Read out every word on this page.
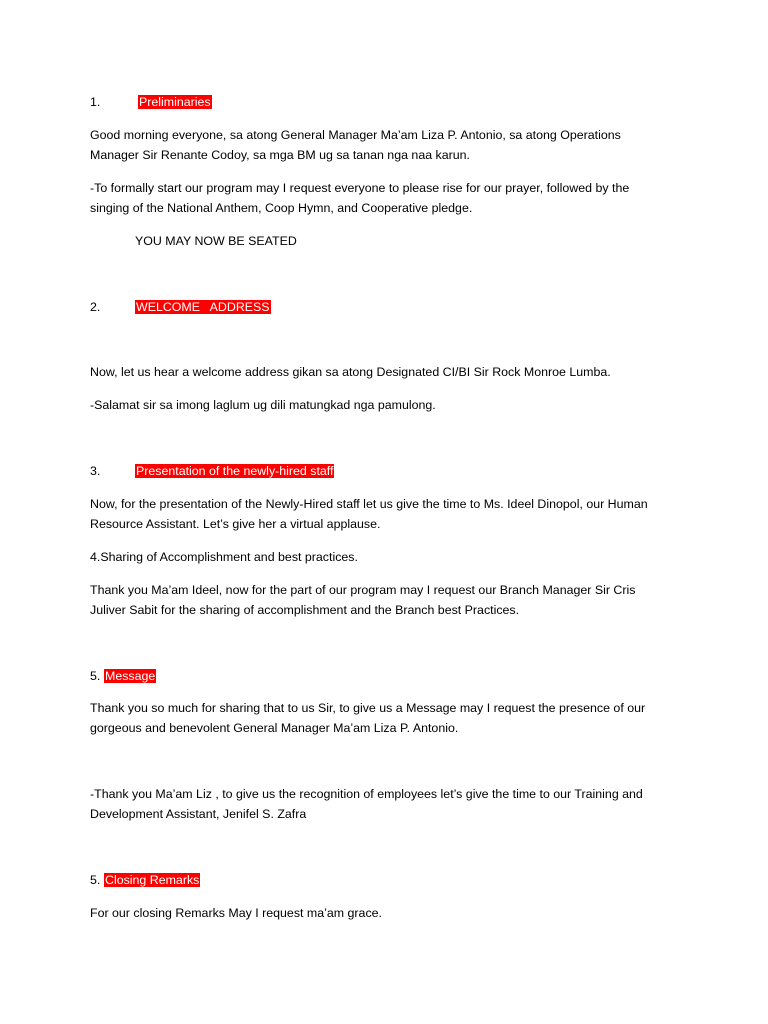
1.	Preliminaries
Good morning everyone, sa atong General Manager Ma’am Liza P. Antonio, sa atong Operations
Manager Sir Renante Codoy, sa mga BM ug sa tanan nga naa karun.
-To formally start our program may I request everyone to please rise for our prayer, followed by the
singing of the National Anthem, Coop Hymn, and Cooperative pledge.
YOU MAY NOW BE SEATED
2.	WELCOME   ADDRESS
Now, let us hear a welcome address gikan sa atong Designated CI/BI Sir Rock Monroe Lumba.
-Salamat sir sa imong laglum ug dili matungkad nga pamulong.
3.	Presentation of the newly-hired staff
Now, for the presentation of the Newly-Hired staff let us give the time to Ms. Ideel Dinopol, our Human
Resource Assistant. Let’s give her a virtual applause.
4.Sharing of Accomplishment and best practices.
Thank you Ma’am Ideel, now for the part of our program may I request our Branch Manager Sir Cris
Juliver Sabit for the sharing of accomplishment and the Branch best Practices.
5. Message
Thank you so much for sharing that to us Sir, to give us a Message may I request the presence of our
gorgeous and benevolent General Manager Ma’am Liza P. Antonio.
-Thank you Ma’am Liz , to give us the recognition of employees let’s give the time to our Training and
Development Assistant, Jenifel S. Zafra
5. Closing Remarks
For our closing Remarks May I request ma’am grace.
